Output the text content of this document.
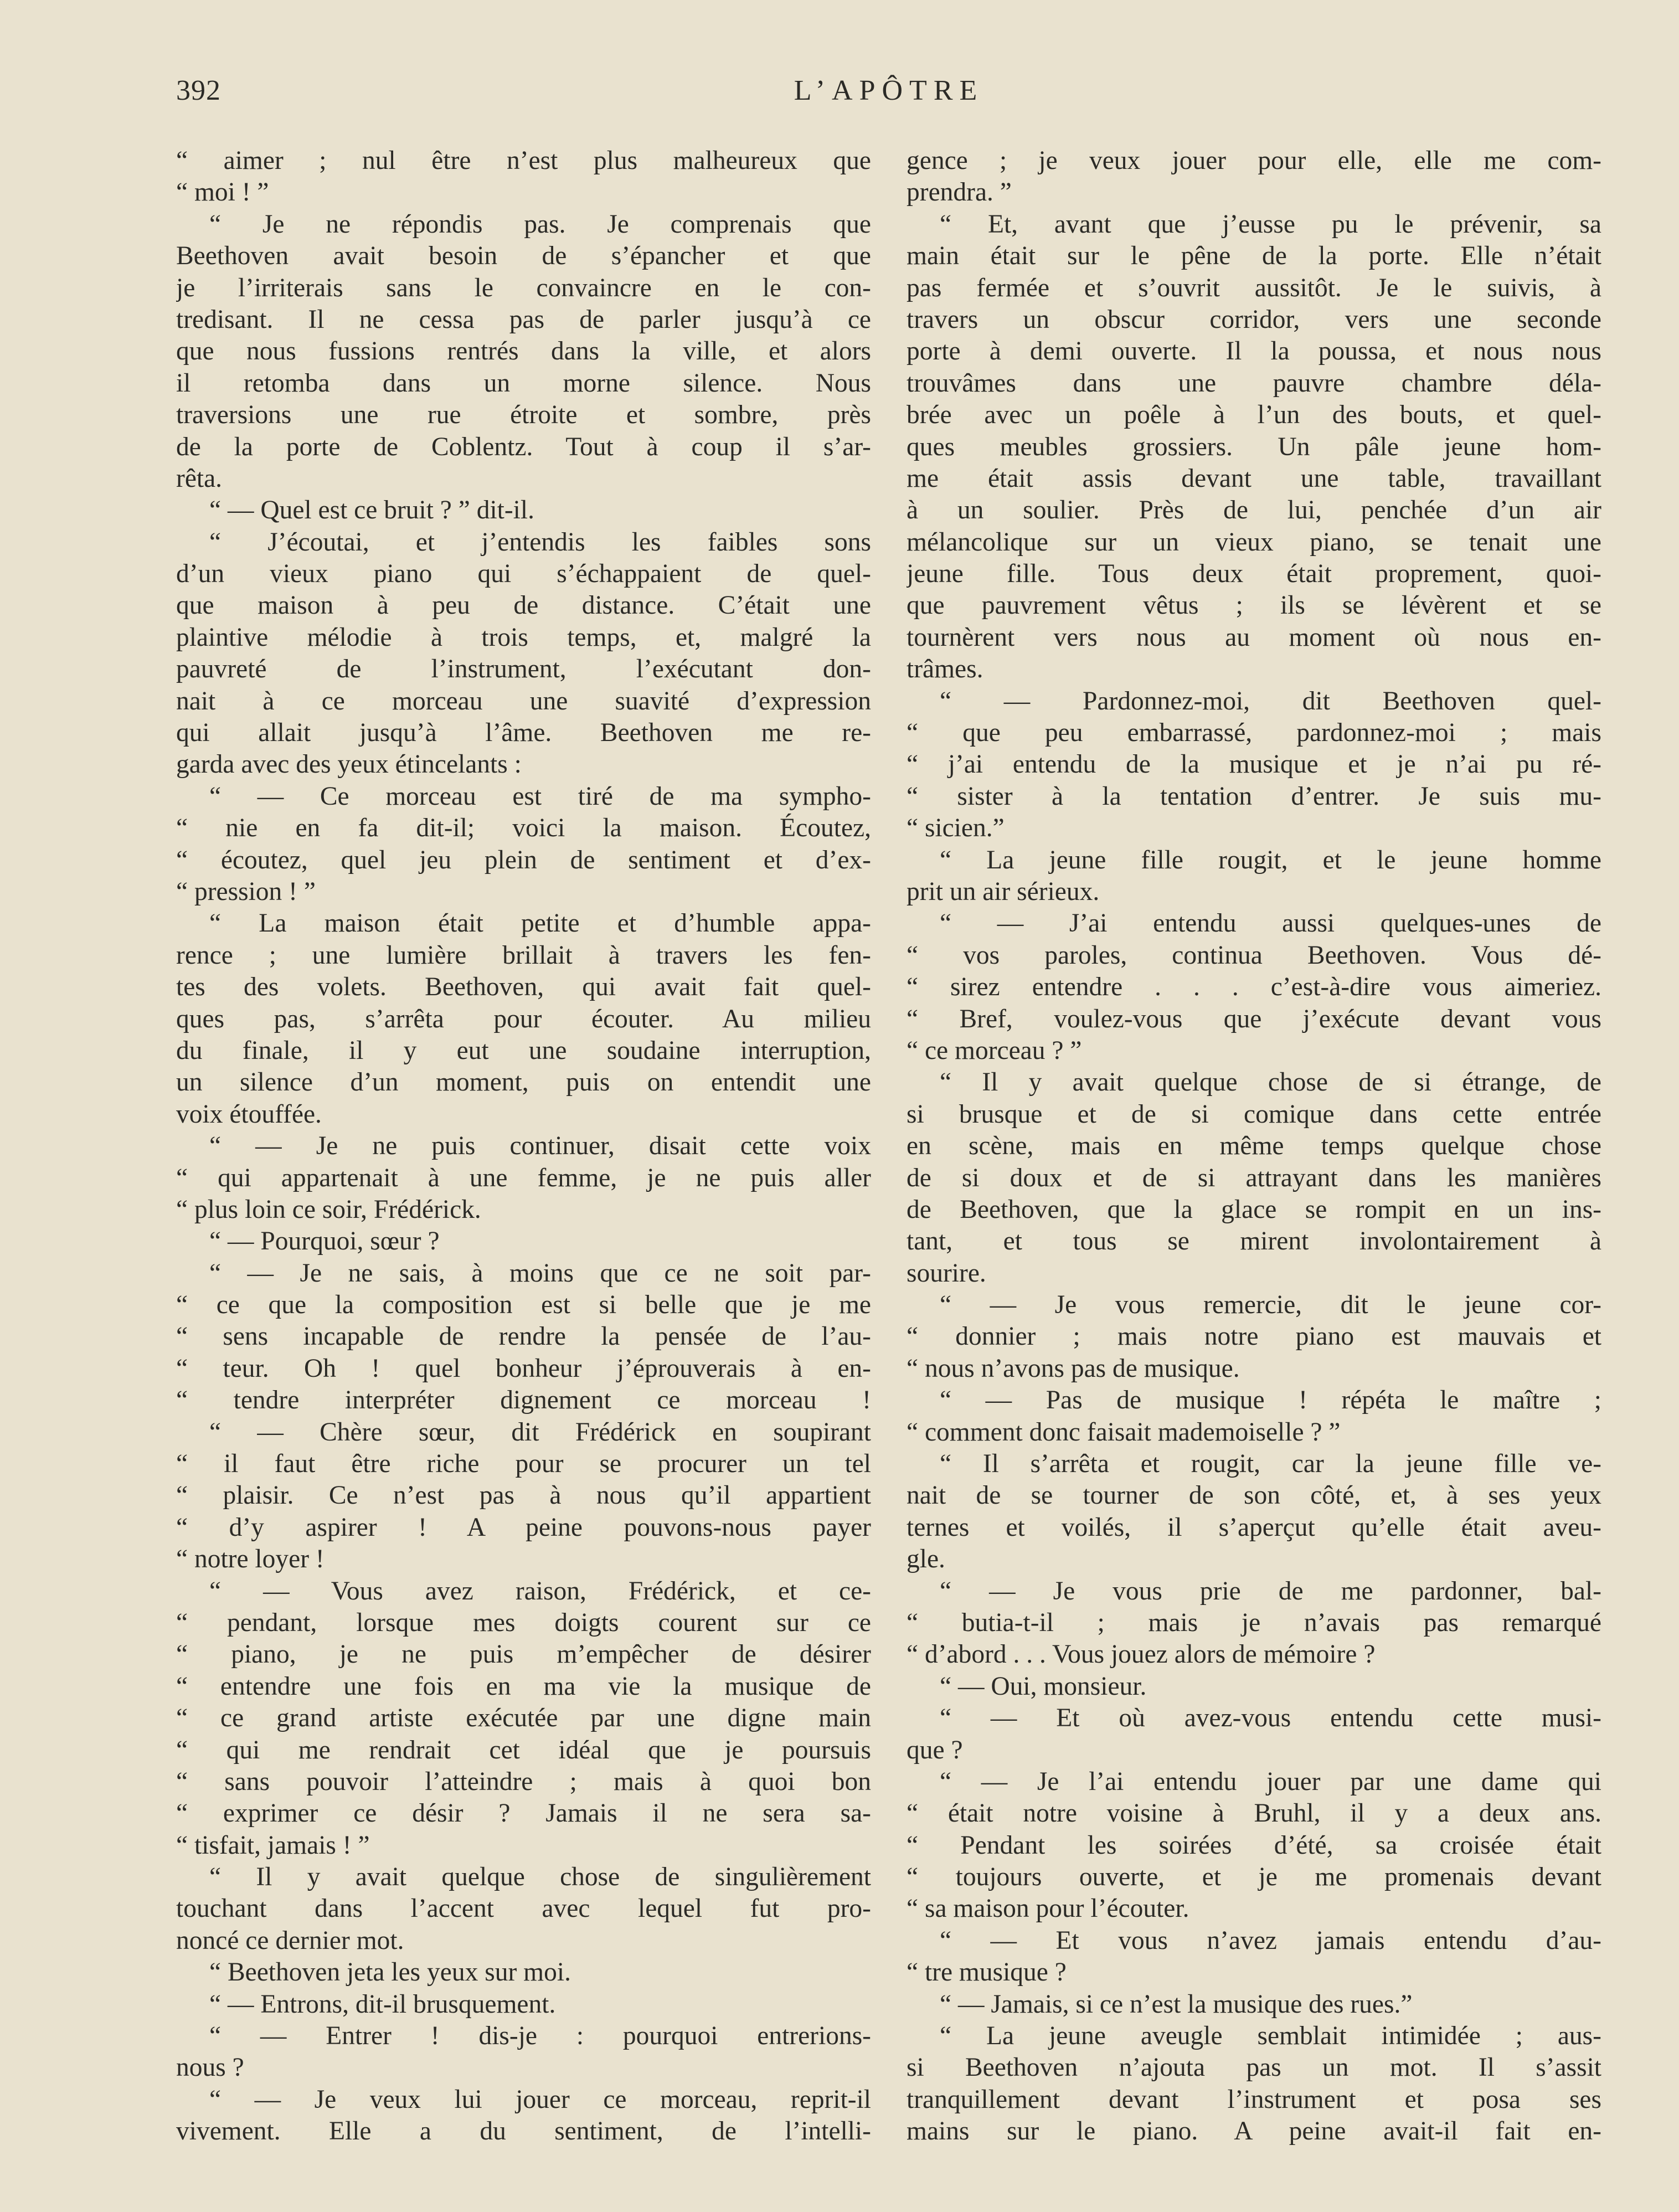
392	L’APÔTRE
“ aimer ; nul être n’est plus malheureux que
“ moi ! ”
“ Je ne répondis pas. Je comprenais que
Beethoven avait besoin de s’épancher et que
je l’irriterais sans le convaincre en le con-
tredisant. Il ne cessa pas de parler jusqu’à ce
que nous fussions rentrés dans la ville, et alors
il retomba dans un morne silence. Nous
traversions une rue étroite et sombre, près
de la porte de Coblentz. Tout à coup il s’ar-
rêta.
“ — Quel est ce bruit ? ” dit-il.
“ J’écoutai, et j’entendis les faibles sons
d’un vieux piano qui s’échappaient de quel-
que maison à peu de distance. C’était une
plaintive mélodie à trois temps, et, malgré la
pauvreté de l’instrument, l’exécutant don-
nait à ce morceau une suavité d’expression
qui allait jusqu’à l’âme. Beethoven me re-
garda avec des yeux étincelants :
“ — Ce morceau est tiré de ma sympho-
“ nie en fa dit-il; voici la maison. Écoutez,
“ écoutez, quel jeu plein de sentiment et d’ex-
“ pression ! ”
“ La maison était petite et d’humble appa-
rence ; une lumière brillait à travers les fen-
tes des volets. Beethoven, qui avait fait quel-
ques pas, s’arrêta pour écouter. Au milieu
du finale, il y eut une soudaine interruption,
un silence d’un moment, puis on entendit une
voix étouffée.
“ — Je ne puis continuer, disait cette voix
“ qui appartenait à une femme, je ne puis aller
“ plus loin ce soir, Frédérick.
“ — Pourquoi, sœur ?
“ — Je ne sais, à moins que ce ne soit par-
“ ce que la composition est si belle que je me
“ sens incapable de rendre la pensée de l’au-
“ teur. Oh ! quel bonheur j’éprouverais à en-
“ tendre interpréter dignement ce morceau !
“ — Chère sœur, dit Frédérick en soupirant
“ il faut être riche pour se procurer un tel
“ plaisir. Ce n’est pas à nous qu’il appartient
“ d’y aspirer ! A peine pouvons-nous payer
“ notre loyer !
“ — Vous avez raison, Frédérick, et ce-
“ pendant, lorsque mes doigts courent sur ce
“ piano, je ne puis m’empêcher de désirer
“ entendre une fois en ma vie la musique de
“ ce grand artiste exécutée par une digne main
“ qui me rendrait cet idéal que je poursuis
“ sans pouvoir l’atteindre ; mais à quoi bon
“ exprimer ce désir ? Jamais il ne sera sa-
“ tisfait, jamais ! ”
“ Il y avait quelque chose de singulièrement
touchant dans l’accent avec lequel fut pro-
noncé ce dernier mot.
“ Beethoven jeta les yeux sur moi.
“ — Entrons, dit-il brusquement.
“ — Entrer ! dis-je : pourquoi entrerions-
nous ?
“ — Je veux lui jouer ce morceau, reprit-il
vivement. Elle a du sentiment, de l’intelli-
gence ; je veux jouer pour elle, elle me com-
prendra. ”
“ Et, avant que j’eusse pu le prévenir, sa
main était sur le pêne de la porte. Elle n’était
pas fermée et s’ouvrit aussitôt. Je le suivis, à
travers un obscur corridor, vers une seconde
porte à demi ouverte. Il la poussa, et nous nous
trouvâmes dans une pauvre chambre déla-
brée avec un poêle à l’un des bouts, et quel-
ques meubles grossiers. Un pâle jeune hom-
me était assis devant une table, travaillant
à un soulier. Près de lui, penchée d’un air
mélancolique sur un vieux piano, se tenait une
jeune fille. Tous deux était proprement, quoi-
que pauvrement vêtus ; ils se lévèrent et se
tournèrent vers nous au moment où nous en-
trâmes.
“ — Pardonnez-moi, dit Beethoven quel-
“ que peu embarrassé, pardonnez-moi ; mais
“ j’ai entendu de la musique et je n’ai pu ré-
“ sister à la tentation d’entrer. Je suis mu-
“ sicien.”
“ La jeune fille rougit, et le jeune homme
prit un air sérieux.
“ — J’ai entendu aussi quelques-unes de
“ vos paroles, continua Beethoven. Vous dé-
“ sirez entendre . . . c’est-à-dire vous aimeriez.
“ Bref, voulez-vous que j’exécute devant vous
“ ce morceau ? ”
“ Il y avait quelque chose de si étrange, de
si brusque et de si comique dans cette entrée
en scène, mais en même temps quelque chose
de si doux et de si attrayant dans les manières
de Beethoven, que la glace se rompit en un ins-
tant, et tous se mirent involontairement à
sourire.
“ — Je vous remercie, dit le jeune cor-
“ donnier ; mais notre piano est mauvais et
“ nous n’avons pas de musique.
“ — Pas de musique ! répéta le maître ;
“ comment donc faisait mademoiselle ? ”
“ Il s’arrêta et rougit, car la jeune fille ve-
nait de se tourner de son côté, et, à ses yeux
ternes et voilés, il s’aperçut qu’elle était aveu-
gle.
“ — Je vous prie de me pardonner, bal-
“ butia-t-il ; mais je n’avais pas remarqué
“ d’abord . . . Vous jouez alors de mémoire ?
“ — Oui, monsieur.
“ — Et où avez-vous entendu cette musi-
que ?
“ — Je l’ai entendu jouer par une dame qui
“ était notre voisine à Bruhl, il y a deux ans.
“ Pendant les soirées d’été, sa croisée était
“ toujours ouverte, et je me promenais devant
“ sa maison pour l’écouter.
“ — Et vous n’avez jamais entendu d’au-
“ tre musique ?
“ — Jamais, si ce n’est la musique des rues.”
“ La jeune aveugle semblait intimidée ; aus-
si Beethoven n’ajouta pas un mot. Il s’assit
tranquillement devant l’instrument et posa ses
mains sur le piano. A peine avait-il fait en-
